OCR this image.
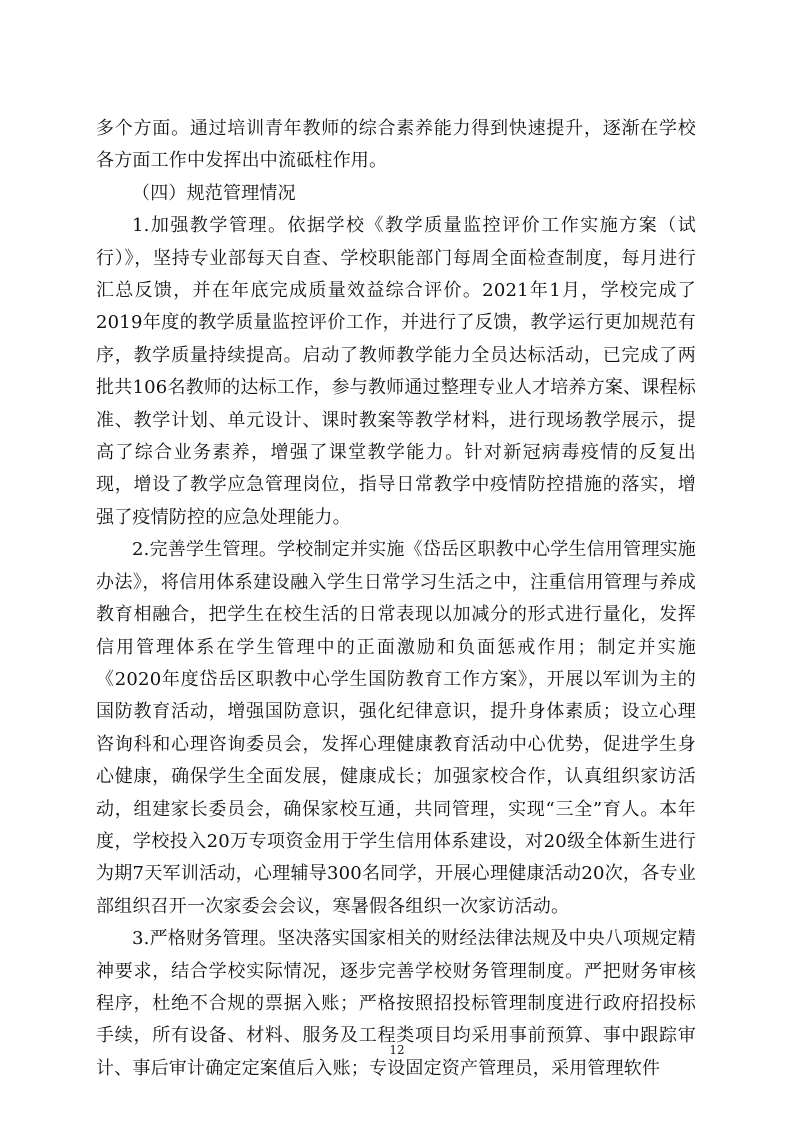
多个方面。通过培训青年教师的综合素养能力得到快速提升，逐渐在学校各方面工作中发挥出中流砥柱作用。

（四）规范管理情况

1.加强教学管理。依据学校《教学质量监控评价工作实施方案（试行）》，坚持专业部每天自查、学校职能部门每周全面检查制度，每月进行汇总反馈，并在年底完成质量效益综合评价。2021年1月，学校完成了2019年度的教学质量监控评价工作，并进行了反馈，教学运行更加规范有序，教学质量持续提高。启动了教师教学能力全员达标活动，已完成了两批共106名教师的达标工作，参与教师通过整理专业人才培养方案、课程标准、教学计划、单元设计、课时教案等教学材料，进行现场教学展示，提高了综合业务素养，增强了课堂教学能力。针对新冠病毒疫情的反复出现，增设了教学应急管理岗位，指导日常教学中疫情防控措施的落实，增强了疫情防控的应急处理能力。

2.完善学生管理。学校制定并实施《岱岳区职教中心学生信用管理实施办法》，将信用体系建设融入学生日常学习生活之中，注重信用管理与养成教育相融合，把学生在校生活的日常表现以加减分的形式进行量化，发挥信用管理体系在学生管理中的正面激励和负面惩戒作用；制定并实施《2020年度岱岳区职教中心学生国防教育工作方案》，开展以军训为主的国防教育活动，增强国防意识，强化纪律意识，提升身体素质；设立心理咨询科和心理咨询委员会，发挥心理健康教育活动中心优势，促进学生身心健康，确保学生全面发展，健康成长；加强家校合作，认真组织家访活动，组建家长委员会，确保家校互通，共同管理，实现“三全”育人。本年度，学校投入20万专项资金用于学生信用体系建设，对20级全体新生进行为期7天军训活动，心理辅导300名同学，开展心理健康活动20次，各专业部组织召开一次家委会会议，寒暑假各组织一次家访活动。

3.严格财务管理。坚决落实国家相关的财经法律法规及中央八项规定精神要求，结合学校实际情况，逐步完善学校财务管理制度。严把财务审核程序，杜绝不合规的票据入账；严格按照招投标管理制度进行政府招投标手续，所有设备、材料、服务及工程类项目均采用事前预算、事中跟踪审计、事后审计确定定案值后入账；专设固定资产管理员，采用管理软件

12
